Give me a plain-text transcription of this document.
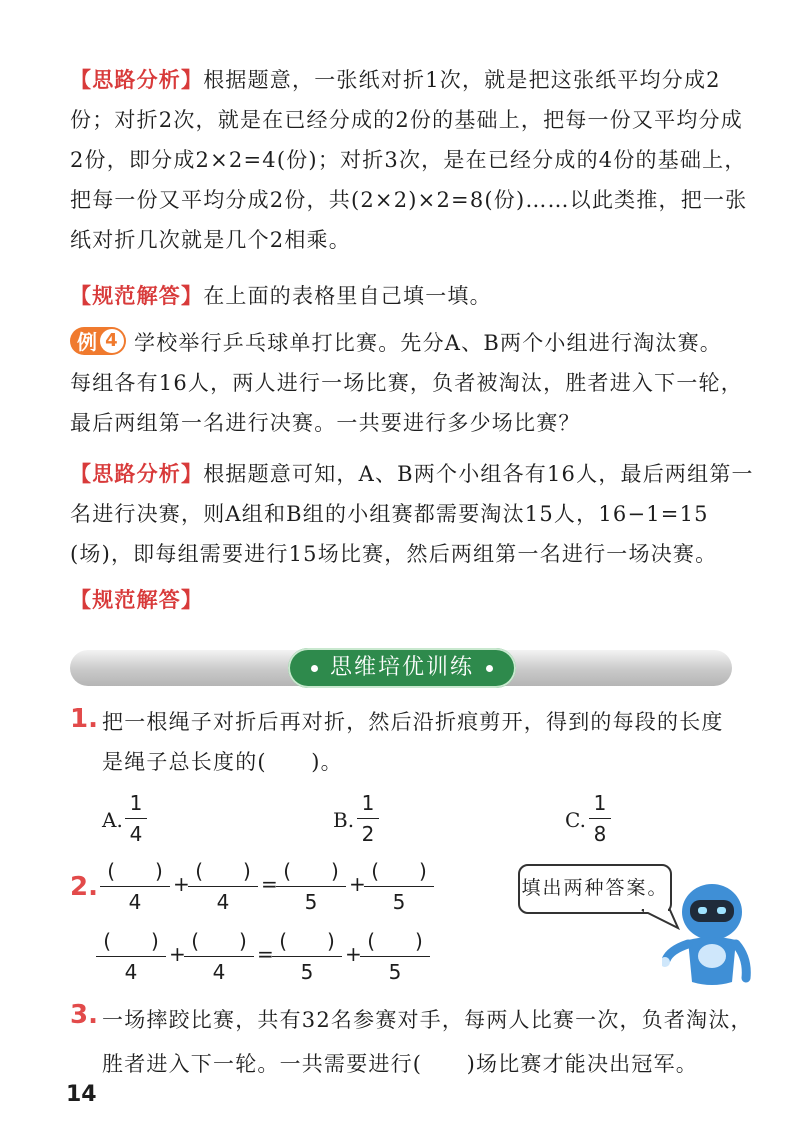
【思路分析】根据题意，一张纸对折1次，就是把这张纸平均分成2
份；对折2次，就是在已经分成的2份的基础上，把每一份又平均分成
2份，即分成2×2=4(份)；对折3次，是在已经分成的4份的基础上，
把每一份又平均分成2份，共(2×2)×2=8(份)……以此类推，把一张
纸对折几次就是几个2相乘。
【规范解答】在上面的表格里自己填一填。
例 4 学校举行乒乓球单打比赛。先分A、B两个小组进行淘汰赛。
每组各有16人，两人进行一场比赛，负者被淘汰，胜者进入下一轮，
最后两组第一名进行决赛。一共要进行多少场比赛？
【思路分析】根据题意可知，A、B两个小组各有16人，最后两组第一
名进行决赛，则A组和B组的小组赛都需要淘汰15人，16−1=15
(场)，即每组需要进行15场比赛，然后两组第一名进行一场决赛。
【规范解答】
思维培优训练
1. 把一根绳子对折后再对折，然后沿折痕剪开，得到的每段的长度
是绳子总长度的(　　)。
A.
1
4
B.
1
2
C.
1
8
2.
(　　)
4
+
(　　)
4
=
(　　)
5
+
(　　)
5
(　　)
4
+
(　　)
4
=
(　　)
5
+
(　　)
5
填出两种答案。
3. 一场摔跤比赛，共有32名参赛对手，每两人比赛一次，负者淘汰，
胜者进入下一轮。一共需要进行(　　)场比赛才能决出冠军。
14
